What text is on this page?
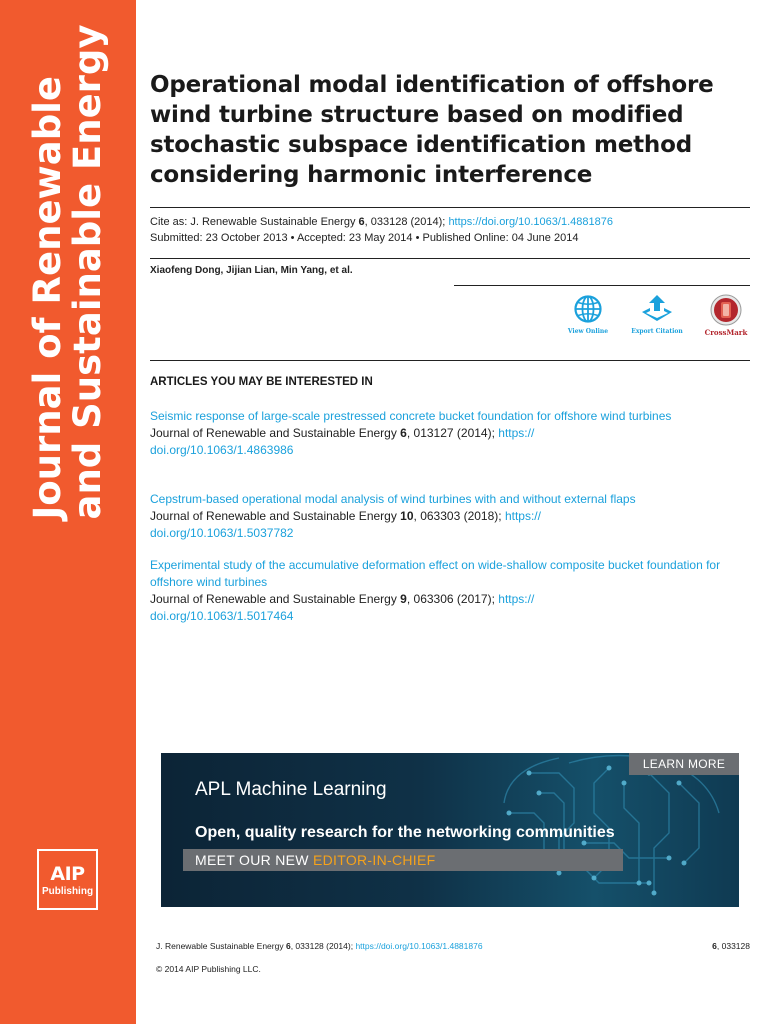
Journal of Renewable
and Sustainable Energy
AIP
Publishing
Operational modal identification of offshore wind turbine structure based on modified stochastic subspace identification method considering harmonic interference
Cite as: J. Renewable Sustainable Energy 6, 033128 (2014); https://doi.org/10.1063/1.4881876
Submitted: 23 October 2013 • Accepted: 23 May 2014 • Published Online: 04 June 2014
Xiaofeng Dong, Jijian Lian, Min Yang, et al.
View Online	Export Citation	CrossMark
ARTICLES YOU MAY BE INTERESTED IN
Seismic response of large-scale prestressed concrete bucket foundation for offshore wind turbines
Journal of Renewable and Sustainable Energy 6, 013127 (2014); https://
doi.org/10.1063/1.4863986
Cepstrum-based operational modal analysis of wind turbines with and without external flaps
Journal of Renewable and Sustainable Energy 10, 063303 (2018); https://
doi.org/10.1063/1.5037782
Experimental study of the accumulative deformation effect on wide-shallow composite bucket foundation for offshore wind turbines
Journal of Renewable and Sustainable Energy 9, 063306 (2017); https://
doi.org/10.1063/1.5017464
LEARN MORE
APL Machine Learning
Open, quality research for the networking communities
MEET OUR NEW EDITOR-IN-CHIEF
J. Renewable Sustainable Energy 6, 033128 (2014); https://doi.org/10.1063/1.4881876	6, 033128
© 2014 AIP Publishing LLC.
